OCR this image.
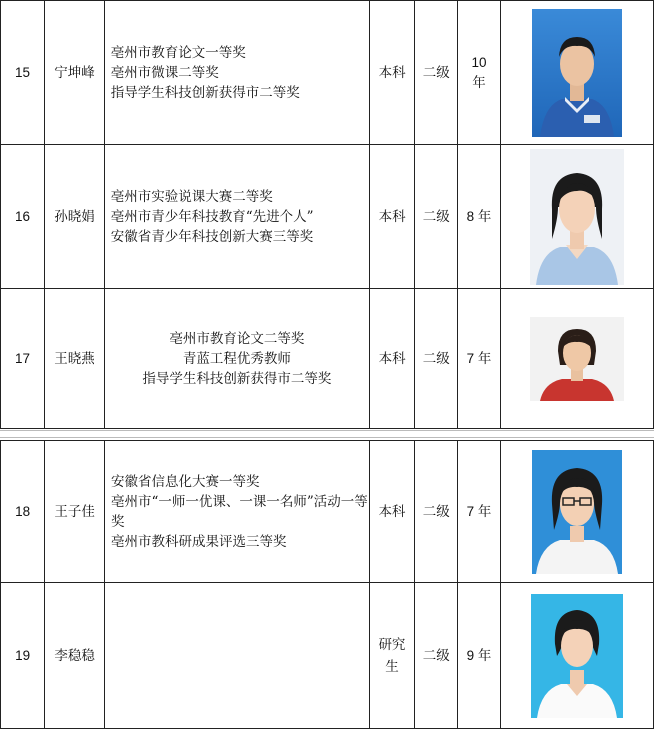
15	宁坤峰	亳州市教育论文一等奖
亳州市微课二等奖
指导学生科技创新获得市二等奖	本科	二级	10年

16	孙晓娟	亳州市实验说课大赛二等奖
亳州市青少年科技教育“先进个人”
安徽省青少年科技创新大赛三等奖	本科	二级	8 年	

17	王晓燕	亳州市教育论文二等奖
青蓝工程优秀教师
指导学生科技创新获得市二等奖	本科	二级	7 年	
18	王子佳	安徽省信息化大赛一等奖
亳州市“一师一优课、一课一名师”活动一等奖
亳州市教科研成果评选三等奖	本科	二级	7 年	

19	李稳稳		研究生	二级	9 年	
